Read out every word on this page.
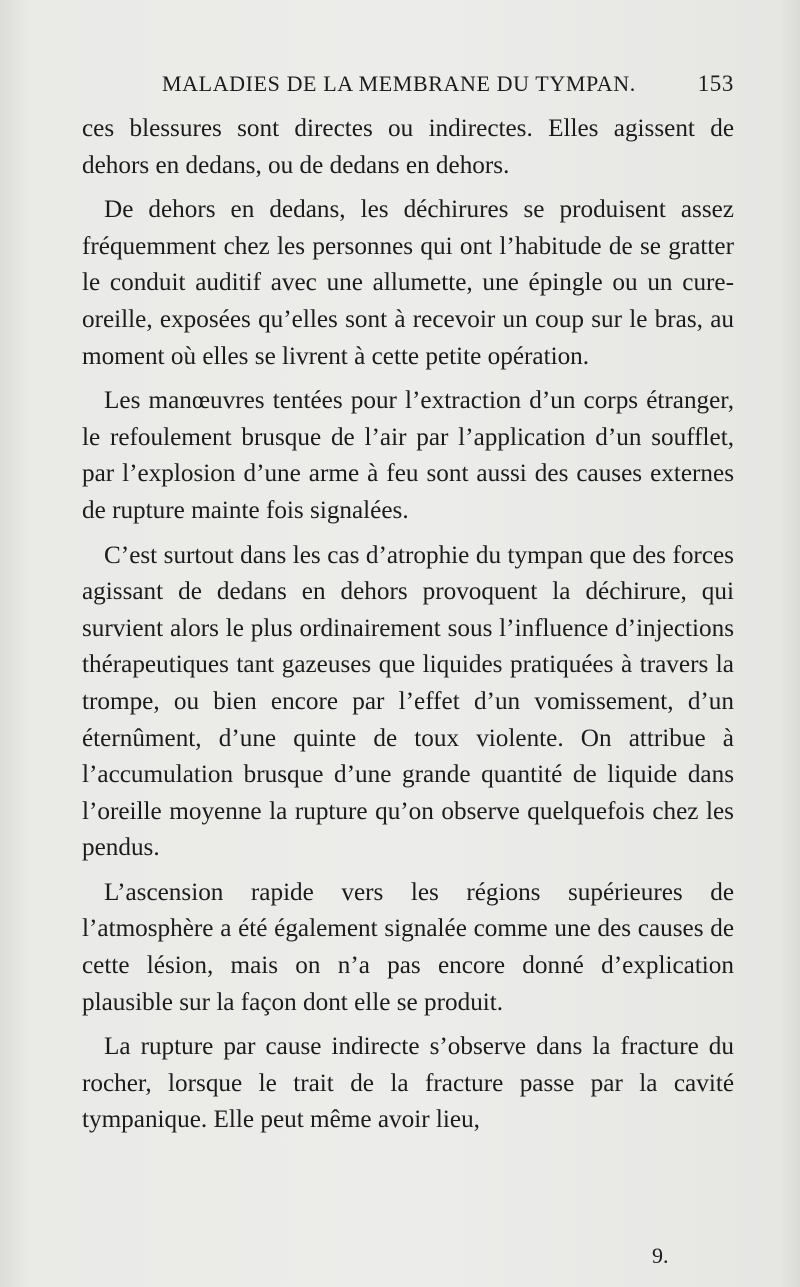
MALADIES DE LA MEMBRANE DU TYMPAN.	153

ces blessures sont directes ou indirectes. Elles agissent de dehors en dedans, ou de dedans en dehors.

De dehors en dedans, les déchirures se produisent assez fréquemment chez les personnes qui ont l’habitude de se gratter le conduit auditif avec une allumette, une épingle ou un cure-oreille, exposées qu’elles sont à recevoir un coup sur le bras, au moment où elles se livrent à cette petite opération.

Les manœuvres tentées pour l’extraction d’un corps étranger, le refoulement brusque de l’air par l’application d’un soufflet, par l’explosion d’une arme à feu sont aussi des causes externes de rupture mainte fois signalées.

C’est surtout dans les cas d’atrophie du tympan que des forces agissant de dedans en dehors provoquent la déchirure, qui survient alors le plus ordinairement sous l’influence d’injections thérapeutiques tant gazeuses que liquides pratiquées à travers la trompe, ou bien encore par l’effet d’un vomissement, d’un éternûment, d’une quinte de toux violente. On attribue à l’accumulation brusque d’une grande quantité de liquide dans l’oreille moyenne la rupture qu’on observe quelquefois chez les pendus.

L’ascension rapide vers les régions supérieures de l’atmosphère a été également signalée comme une des causes de cette lésion, mais on n’a pas encore donné d’explication plausible sur la façon dont elle se produit.

La rupture par cause indirecte s’observe dans la fracture du rocher, lorsque le trait de la fracture passe par la cavité tympanique. Elle peut même avoir lieu,

9.
